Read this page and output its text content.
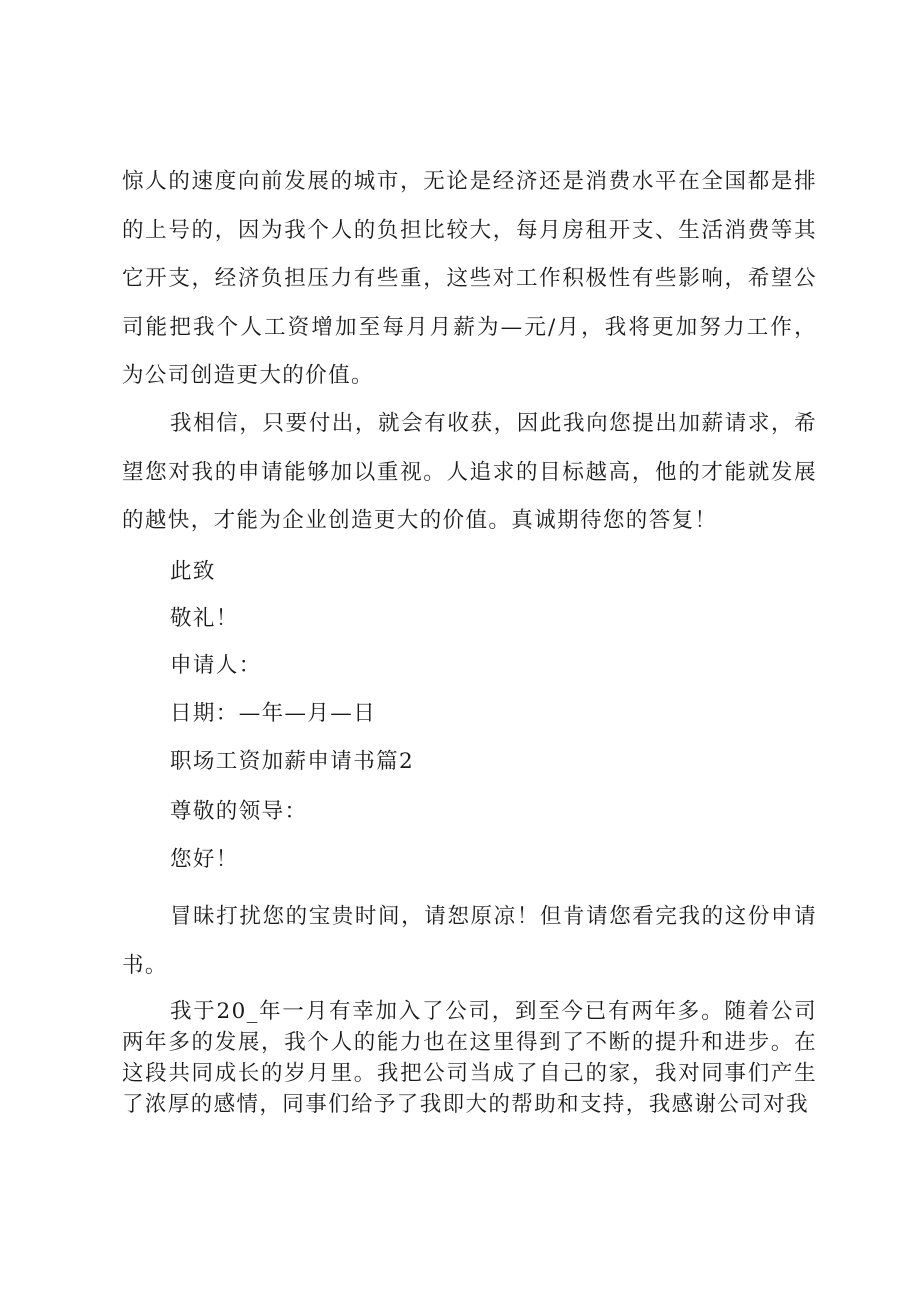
惊人的速度向前发展的城市，无论是经济还是消费水平在全国都是排的上号的，因为我个人的负担比较大，每月房租开支、生活消费等其它开支，经济负担压力有些重，这些对工作积极性有些影响，希望公司能把我个人工资增加至每月月薪为—元/月，我将更加努力工作，为公司创造更大的价值。

我相信，只要付出，就会有收获，因此我向您提出加薪请求，希望您对我的申请能够加以重视。人追求的目标越高，他的才能就发展的越快，才能为企业创造更大的价值。真诚期待您的答复！

此致

敬礼！

申请人：

日期：—年—月—日

职场工资加薪申请书篇2

尊敬的领导：

您好！

冒昧打扰您的宝贵时间，请恕原凉！但肯请您看完我的这份申请书。

我于20_年一月有幸加入了公司，到至今已有两年多。随着公司两年多的发展，我个人的能力也在这里得到了不断的提升和进步。在这段共同成长的岁月里。我把公司当成了自己的家，我对同事们产生了浓厚的感情，同事们给予了我即大的帮助和支持，我感谢公司对我
